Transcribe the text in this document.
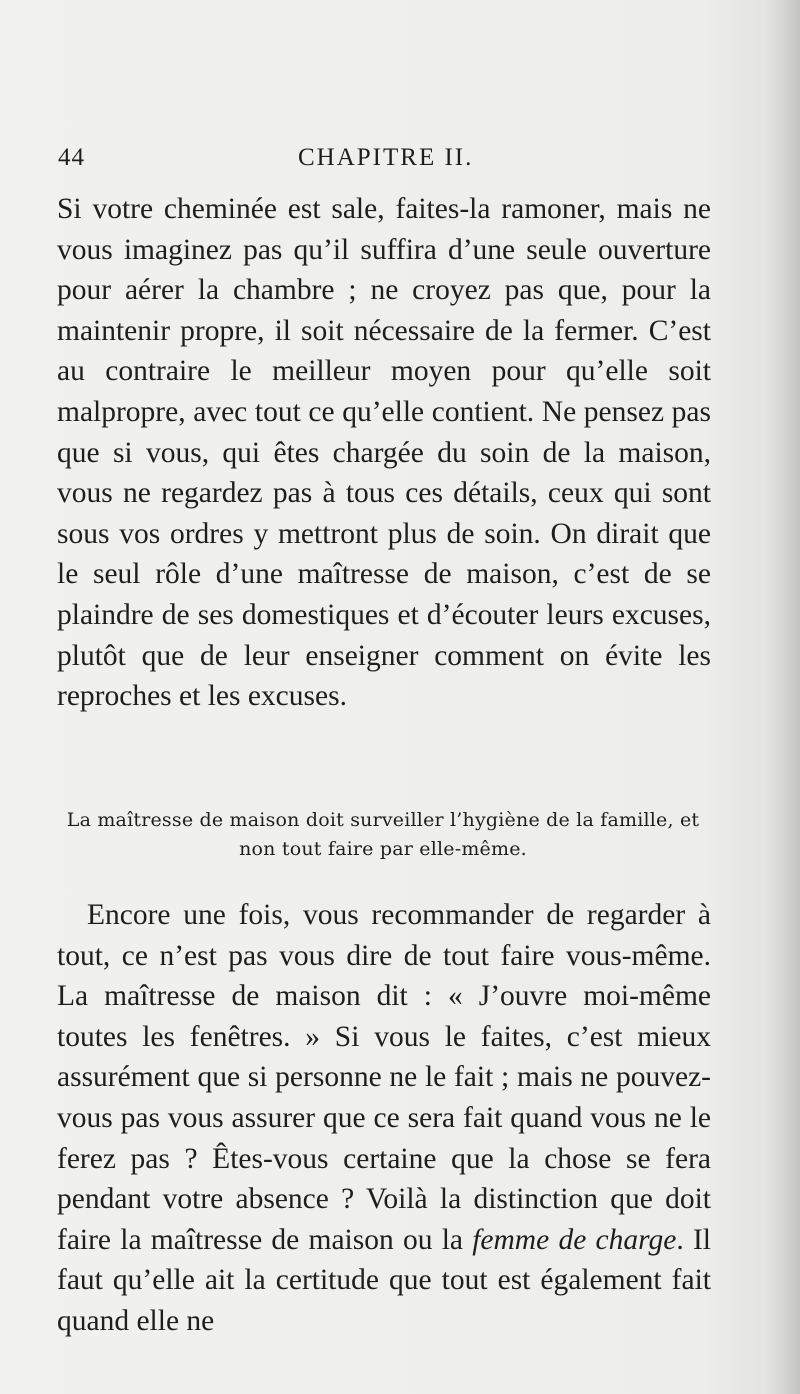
44	CHAPITRE II.

Si votre cheminée est sale, faites-la ramoner, mais ne vous imaginez pas qu’il suffira d’une seule ouverture pour aérer la chambre ; ne croyez pas que, pour la maintenir propre, il soit nécessaire de la fermer. C’est au contraire le meilleur moyen pour qu’elle soit malpropre, avec tout ce qu’elle contient. Ne pensez pas que si vous, qui êtes chargée du soin de la maison, vous ne regardez pas à tous ces détails, ceux qui sont sous vos ordres y mettront plus de soin. On dirait que le seul rôle d’une maîtresse de maison, c’est de se plaindre de ses domestiques et d’écouter leurs excuses, plutôt que de leur enseigner comment on évite les reproches et les excuses.

La maîtresse de maison doit surveiller l’hygiène de la famille, et non tout faire par elle-même.

Encore une fois, vous recommander de regarder à tout, ce n’est pas vous dire de tout faire vous-même. La maîtresse de maison dit : « J’ouvre moi-même toutes les fenêtres. » Si vous le faites, c’est mieux assurément que si personne ne le fait ; mais ne pouvez-vous pas vous assurer que ce sera fait quand vous ne le ferez pas ? Êtes-vous certaine que la chose se fera pendant votre absence ? Voilà la distinction que doit faire la maîtresse de maison ou la femme de charge. Il faut qu’elle ait la certitude que tout est également fait quand elle ne
